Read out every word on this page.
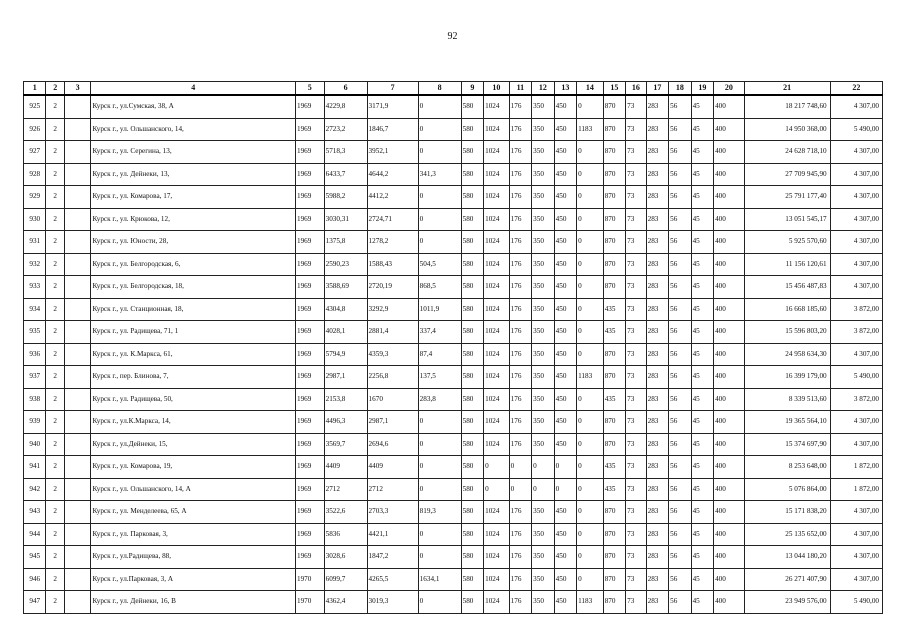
92
1	2	3	4	5	6	7	8	9	10	11	12	13	14	15	16	17	18	19	20	21	22
925	2		Курск г., ул.Сумская, 38, А	1969	4229,8	3171,9	0	580	1024	176	350	450	0	870	73	283	56	45	400	18 217 748,60	4 307,00
926	2		Курск г., ул. Ольшанского, 14,	1969	2723,2	1846,7	0	580	1024	176	350	450	1183	870	73	283	56	45	400	14 950 368,00	5 490,00
927	2		Курск г., ул. Серегина, 13,	1969	5718,3	3952,1	0	580	1024	176	350	450	0	870	73	283	56	45	400	24 628 718,10	4 307,00
928	2		Курск г., ул. Дейнеки, 13,	1969	6433,7	4644,2	341,3	580	1024	176	350	450	0	870	73	283	56	45	400	27 709 945,90	4 307,00
929	2		Курск г., ул. Комарова, 17,	1969	5988,2	4412,2	0	580	1024	176	350	450	0	870	73	283	56	45	400	25 791 177,40	4 307,00
930	2		Курск г., ул. Крюкова, 12,	1969	3030,31	2724,71	0	580	1024	176	350	450	0	870	73	283	56	45	400	13 051 545,17	4 307,00
931	2		Курск г., ул. Юности, 28,	1969	1375,8	1278,2	0	580	1024	176	350	450	0	870	73	283	56	45	400	5 925 570,60	4 307,00
932	2		Курск г., ул. Белгородская, 6,	1969	2590,23	1588,43	504,5	580	1024	176	350	450	0	870	73	283	56	45	400	11 156 120,61	4 307,00
933	2		Курск г., ул. Белгородская, 18,	1969	3588,69	2720,19	868,5	580	1024	176	350	450	0	870	73	283	56	45	400	15 456 487,83	4 307,00
934	2		Курск г., ул. Станционная, 18,	1969	4304,8	3292,9	1011,9	580	1024	176	350	450	0	435	73	283	56	45	400	16 668 185,60	3 872,00
935	2		Курск г., ул. Радищева, 71, 1	1969	4028,1	2881,4	337,4	580	1024	176	350	450	0	435	73	283	56	45	400	15 596 803,20	3 872,00
936	2		Курск г., ул. К.Маркса, 61,	1969	5794,9	4359,3	87,4	580	1024	176	350	450	0	870	73	283	56	45	400	24 958 634,30	4 307,00
937	2		Курск г., пер. Блинова, 7,	1969	2987,1	2256,8	137,5	580	1024	176	350	450	1183	870	73	283	56	45	400	16 399 179,00	5 490,00
938	2		Курск г., ул. Радищева, 50,	1969	2153,8	1670	283,8	580	1024	176	350	450	0	435	73	283	56	45	400	8 339 513,60	3 872,00
939	2		Курск г., ул.К.Маркса, 14,	1969	4496,3	2987,1	0	580	1024	176	350	450	0	870	73	283	56	45	400	19 365 564,10	4 307,00
940	2		Курск г., ул.Дейнеки, 15,	1969	3569,7	2694,6	0	580	1024	176	350	450	0	870	73	283	56	45	400	15 374 697,90	4 307,00
941	2		Курск г., ул. Комарова, 19,	1969	4409	4409	0	580	0	0	0	0	0	435	73	283	56	45	400	8 253 648,00	1 872,00
942	2		Курск г., ул. Ольшанского, 14, А	1969	2712	2712	0	580	0	0	0	0	0	435	73	283	56	45	400	5 076 864,00	1 872,00
943	2		Курск г., ул. Менделеева, 65, А	1969	3522,6	2703,3	819,3	580	1024	176	350	450	0	870	73	283	56	45	400	15 171 838,20	4 307,00
944	2		Курск г., ул. Парковая, 3,	1969	5836	4421,1	0	580	1024	176	350	450	0	870	73	283	56	45	400	25 135 652,00	4 307,00
945	2		Курск г., ул.Радищева, 88,	1969	3028,6	1847,2	0	580	1024	176	350	450	0	870	73	283	56	45	400	13 044 180,20	4 307,00
946	2		Курск г., ул.Парковая, 3, А	1970	6099,7	4265,5	1634,1	580	1024	176	350	450	0	870	73	283	56	45	400	26 271 407,90	4 307,00
947	2		Курск г., ул. Дейнеки, 16, В	1970	4362,4	3019,3	0	580	1024	176	350	450	1183	870	73	283	56	45	400	23 949 576,00	5 490,00
